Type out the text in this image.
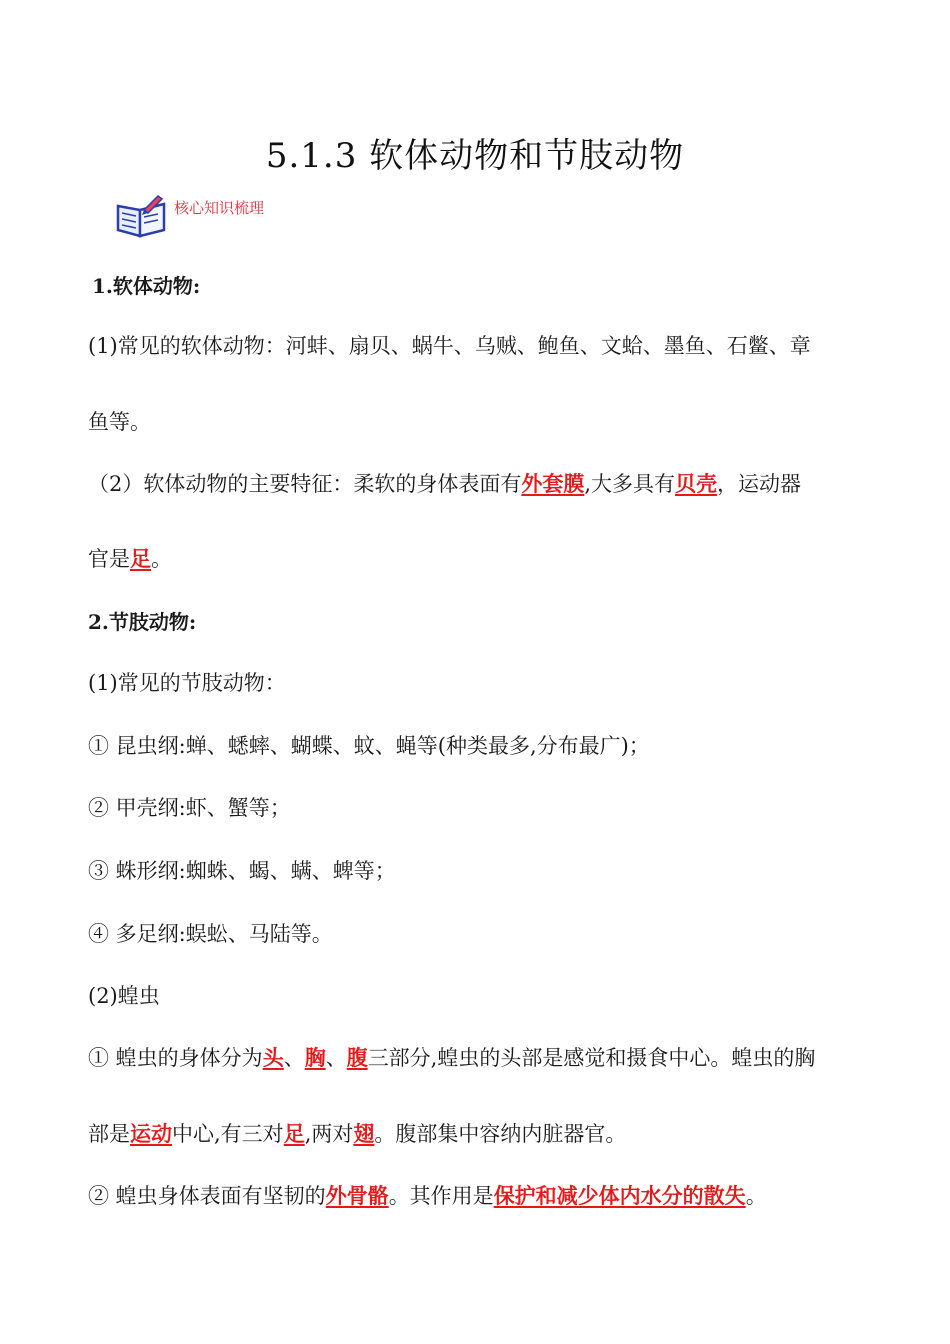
5.1.3 软体动物和节肢动物
核心知识梳理
1.软体动物:
(1)常见的软体动物：河蚌、扇贝、蜗牛、乌贼、鲍鱼、文蛤、墨鱼、石鳖、章
鱼等。
（2）软体动物的主要特征：柔软的身体表面有外套膜,大多具有贝壳，运动器
官是足。
2.节肢动物:
(1)常见的节肢动物：
① 昆虫纲:蝉、蟋蟀、蝴蝶、蚊、蝇等(种类最多,分布最广)；
② 甲壳纲:虾、蟹等；
③ 蛛形纲:蜘蛛、蝎、螨、蜱等；
④ 多足纲:蜈蚣、马陆等。
(2)蝗虫
① 蝗虫的身体分为头、胸、腹三部分,蝗虫的头部是感觉和摄食中心。蝗虫的胸
部是运动中心,有三对足,两对翅。腹部集中容纳内脏器官。
② 蝗虫身体表面有坚韧的外骨骼。其作用是保护和减少体内水分的散失。
